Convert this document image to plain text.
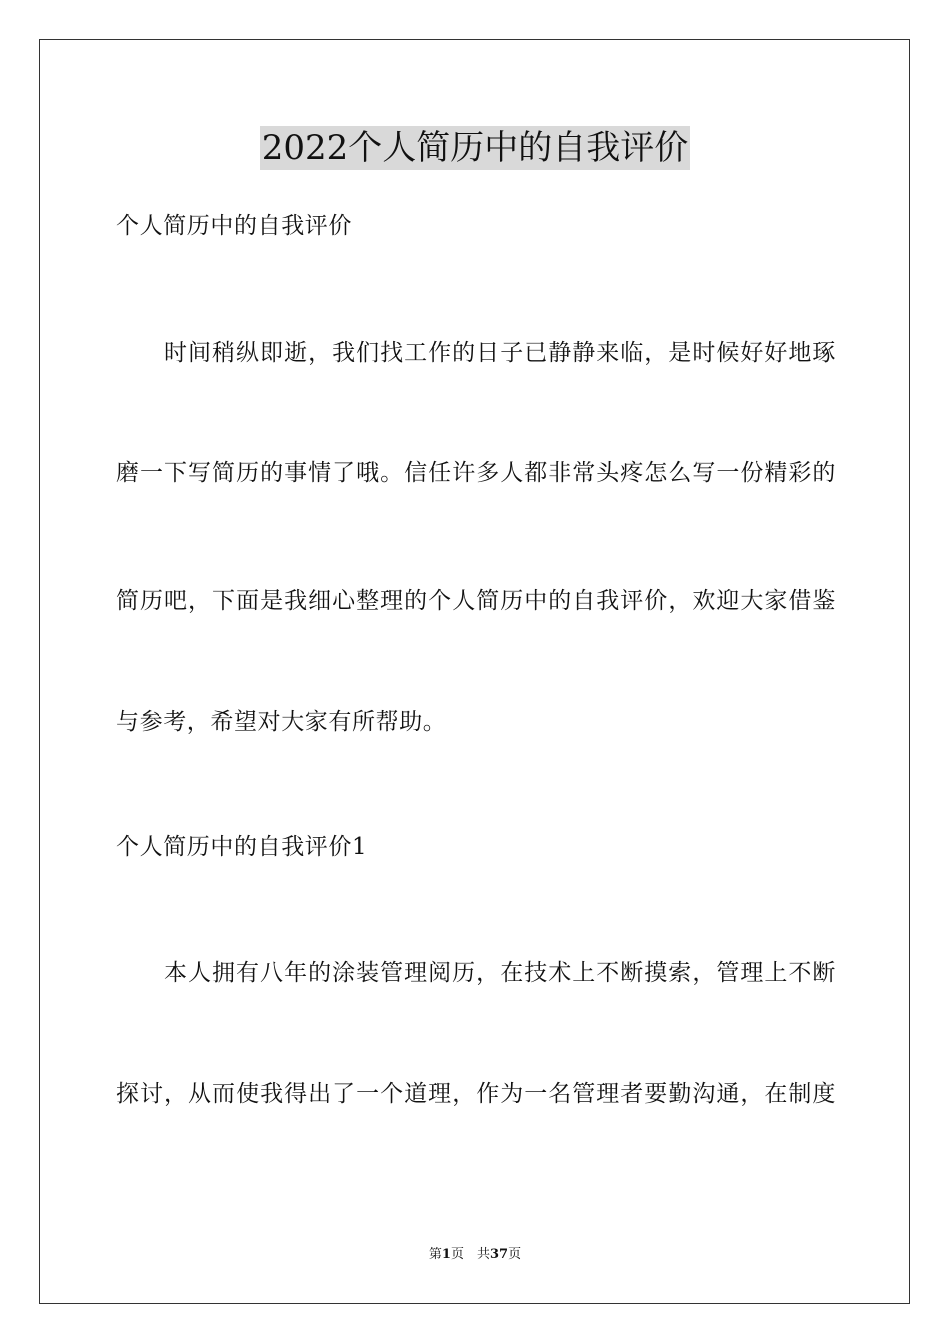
2022个人简历中的自我评价
个人简历中的自我评价
时间稍纵即逝，我们找工作的日子已静静来临，是时候好好地琢
磨一下写简历的事情了哦。信任许多人都非常头疼怎么写一份精彩的
简历吧，下面是我细心整理的个人简历中的自我评价，欢迎大家借鉴
与参考，希望对大家有所帮助。
个人简历中的自我评价1
本人拥有八年的涂装管理阅历，在技术上不断摸索，管理上不断
探讨，从而使我得出了一个道理，作为一名管理者要勤沟通，在制度
第1页　共37页
